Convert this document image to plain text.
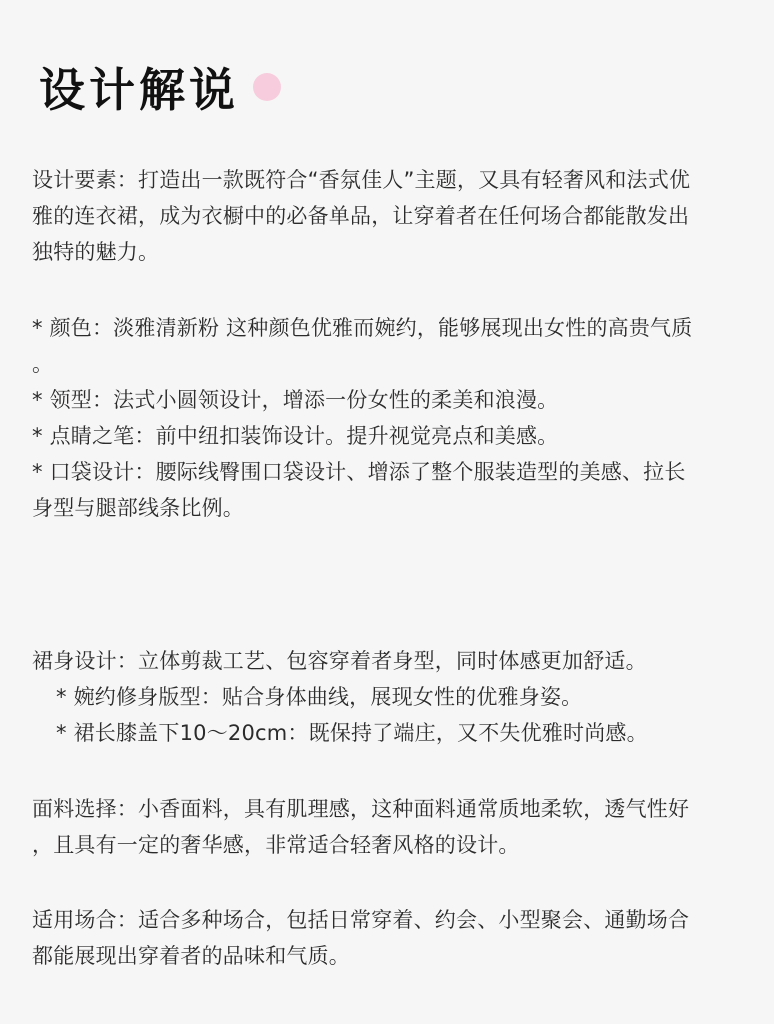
设计解说
设计要素：打造出一款既符合“香氛佳人”主题，又具有轻奢风和法式优
雅的连衣裙，成为衣橱中的必备单品，让穿着者在任何场合都能散发出
独特的魅力。
* 颜色：淡雅清新粉 这种颜色优雅而婉约，能够展现出女性的高贵气质
。
* 领型：法式小圆领设计，增添一份女性的柔美和浪漫。
* 点睛之笔：前中纽扣装饰设计。提升视觉亮点和美感。
* 口袋设计：腰际线臀围口袋设计、增添了整个服装造型的美感、拉长
身型与腿部线条比例。
裙身设计：立体剪裁工艺、包容穿着者身型，同时体感更加舒适。
* 婉约修身版型：贴合身体曲线，展现女性的优雅身姿。
* 裙长膝盖下10～20cm：既保持了端庄，又不失优雅时尚感。
面料选择：小香面料，具有肌理感，这种面料通常质地柔软，透气性好
，且具有一定的奢华感，非常适合轻奢风格的设计。
适用场合：适合多种场合，包括日常穿着、约会、小型聚会、通勤场合
都能展现出穿着者的品味和气质。
